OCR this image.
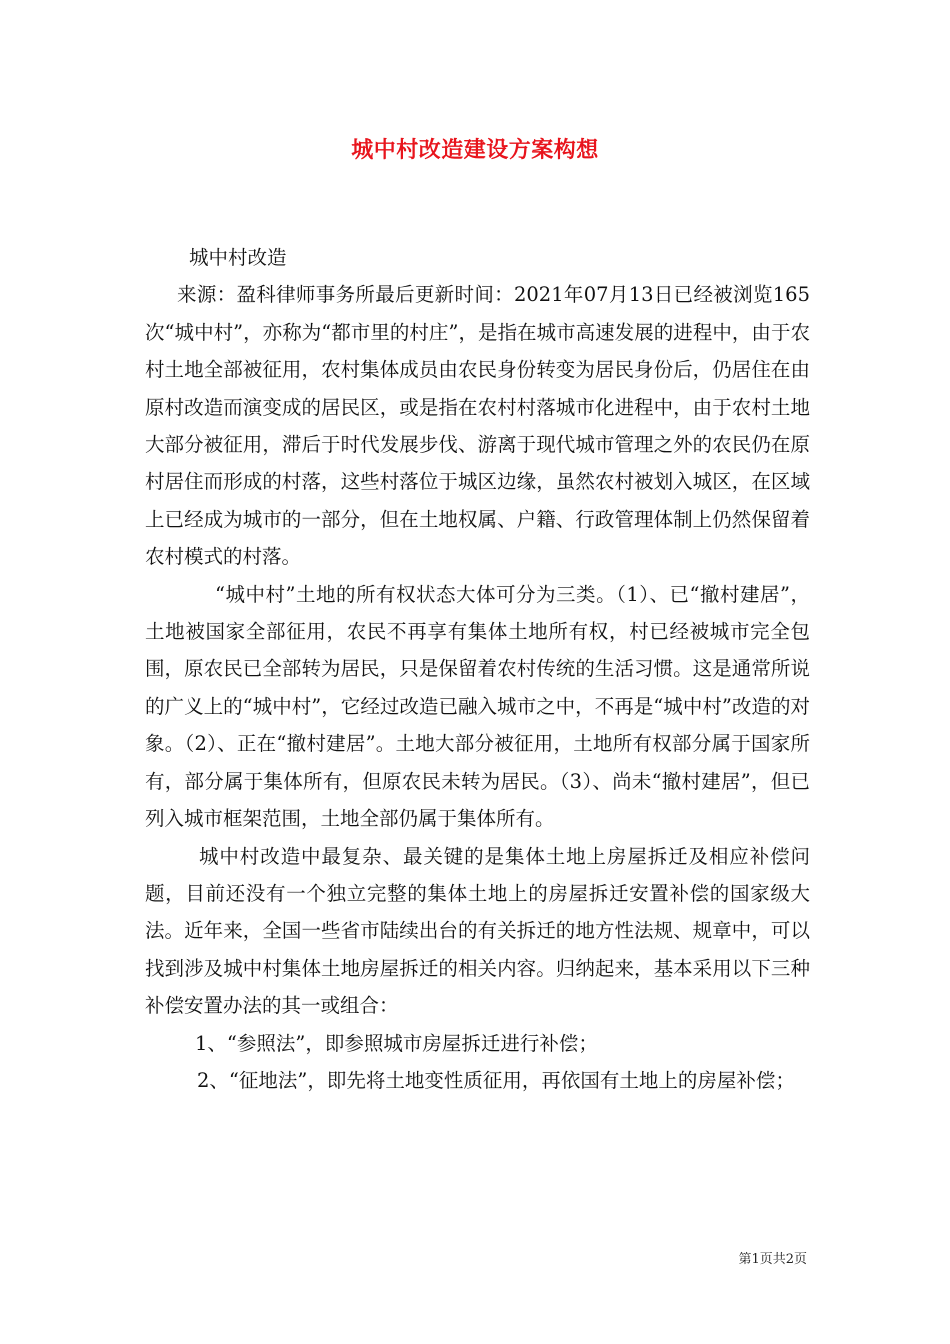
城中村改造建设方案构想

城中村改造

来源：盈科律师事务所最后更新时间：2021年07月13日已经被浏览165次“城中村”，亦称为“都市里的村庄”，是指在城市高速发展的进程中，由于农村土地全部被征用，农村集体成员由农民身份转变为居民身份后，仍居住在由原村改造而演变成的居民区，或是指在农村村落城市化进程中，由于农村土地大部分被征用，滞后于时代发展步伐、游离于现代城市管理之外的农民仍在原村居住而形成的村落，这些村落位于城区边缘，虽然农村被划入城区，在区域上已经成为城市的一部分，但在土地权属、户籍、行政管理体制上仍然保留着农村模式的村落。

“城中村”土地的所有权状态大体可分为三类。（1）、已“撤村建居”，土地被国家全部征用，农民不再享有集体土地所有权，村已经被城市完全包围，原农民已全部转为居民，只是保留着农村传统的生活习惯。这是通常所说的广义上的“城中村”，它经过改造已融入城市之中，不再是“城中村”改造的对象。（2）、正在“撤村建居”。土地大部分被征用，土地所有权部分属于国家所有，部分属于集体所有，但原农民未转为居民。（3）、尚未“撤村建居”，但已列入城市框架范围，土地全部仍属于集体所有。

城中村改造中最复杂、最关键的是集体土地上房屋拆迁及相应补偿问题，目前还没有一个独立完整的集体土地上的房屋拆迁安置补偿的国家级大法。近年来，全国一些省市陆续出台的有关拆迁的地方性法规、规章中，可以找到涉及城中村集体土地房屋拆迁的相关内容。归纳起来，基本采用以下三种补偿安置办法的其一或组合：

1、“参照法”，即参照城市房屋拆迁进行补偿；

2、“征地法”，即先将土地变性质征用，再依国有土地上的房屋补偿；

第1页共2页
